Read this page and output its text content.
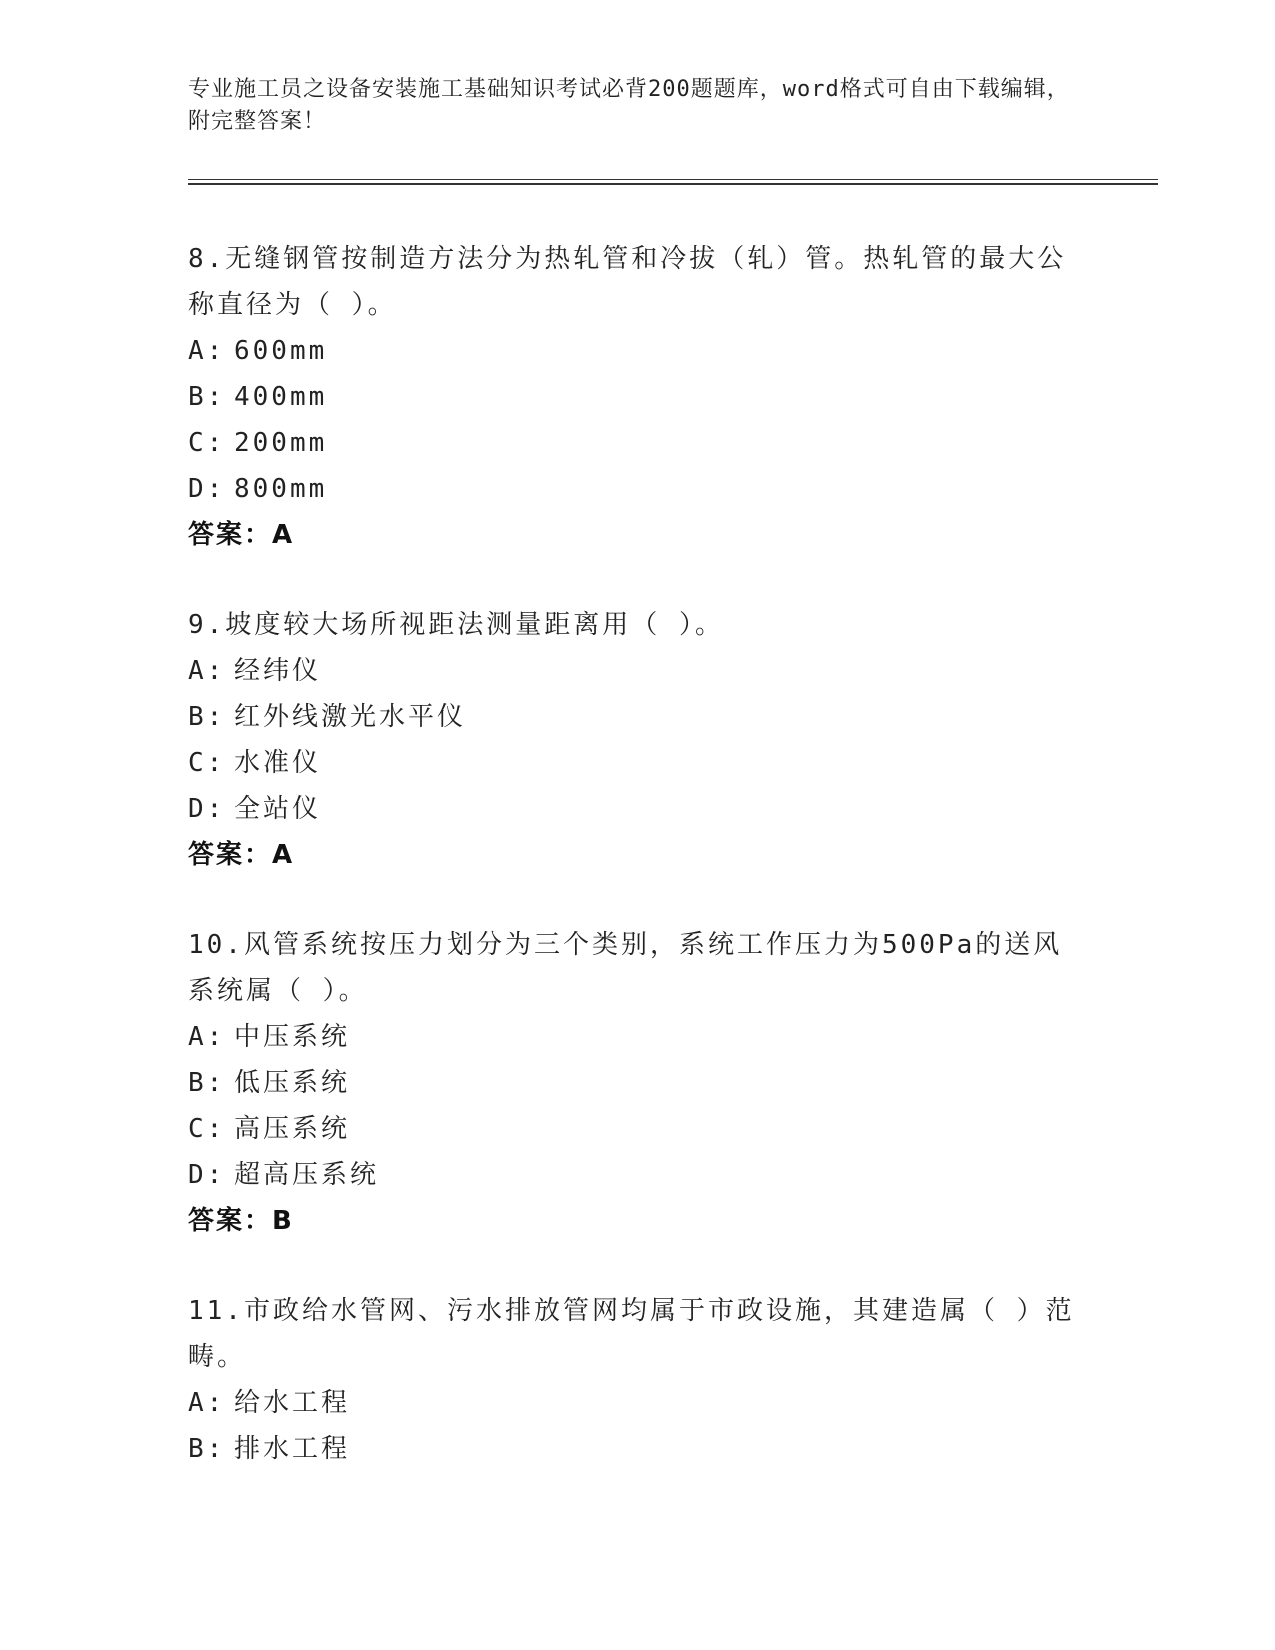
专业施工员之设备安装施工基础知识考试必背200题题库，word格式可自由下载编辑，附完整答案！

8.无缝钢管按制造方法分为热轧管和冷拔（轧）管。热轧管的最大公称直径为（ ）。

A: 600mm
B: 400mm
C: 200mm
D: 800mm
答案：A

9.坡度较大场所视距法测量距离用（ ）。

A: 经纬仪
B: 红外线激光水平仪
C: 水准仪
D: 全站仪
答案：A

10.风管系统按压力划分为三个类别，系统工作压力为500Pa的送风系统属（ ）。

A: 中压系统
B: 低压系统
C: 高压系统
D: 超高压系统
答案：B

11.市政给水管网、污水排放管网均属于市政设施，其建造属（ ）范畴。

A: 给水工程
B: 排水工程
